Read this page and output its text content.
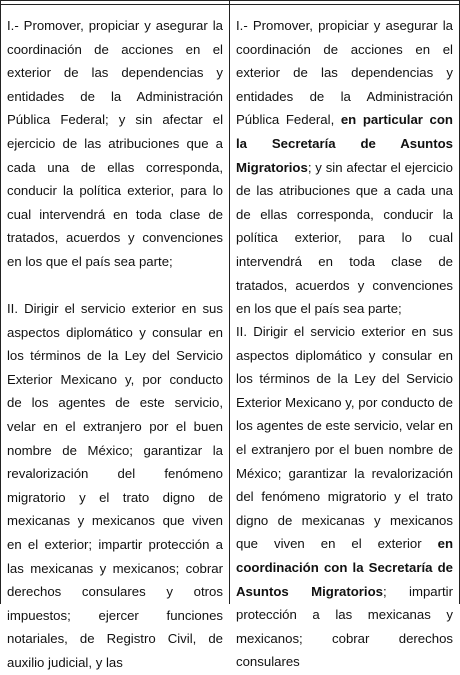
I.- Promover, propiciar y asegurar la coordinación de acciones en el exterior de las dependencias y entidades de la Administración Pública Federal; y sin afectar el ejercicio de las atribuciones que a cada una de ellas corresponda, conducir la política exterior, para lo cual intervendrá en toda clase de tratados, acuerdos y convenciones en los que el país sea parte;
II. Dirigir el servicio exterior en sus aspectos diplomático y consular en los términos de la Ley del Servicio Exterior Mexicano y, por conducto de los agentes de este servicio, velar en el extranjero por el buen nombre de México; garantizar la revalorización del fenómeno migratorio y el trato digno de mexicanas y mexicanos que viven en el exterior; impartir protección a las mexicanas y mexicanos; cobrar derechos consulares y otros impuestos; ejercer funciones notariales, de Registro Civil, de auxilio judicial, y las
I.- Promover, propiciar y asegurar la coordinación de acciones en el exterior de las dependencias y entidades de la Administración Pública Federal, en particular con la Secretaría de Asuntos Migratorios; y sin afectar el ejercicio de las atribuciones que a cada una de ellas corresponda, conducir la política exterior, para lo cual intervendrá en toda clase de tratados, acuerdos y convenciones en los que el país sea parte;
II. Dirigir el servicio exterior en sus aspectos diplomático y consular en los términos de la Ley del Servicio Exterior Mexicano y, por conducto de los agentes de este servicio, velar en el extranjero por el buen nombre de México; garantizar la revalorización del fenómeno migratorio y el trato digno de mexicanas y mexicanos que viven en el exterior en coordinación con la Secretaría de Asuntos Migratorios; impartir protección a las mexicanas y mexicanos; cobrar derechos consulares
